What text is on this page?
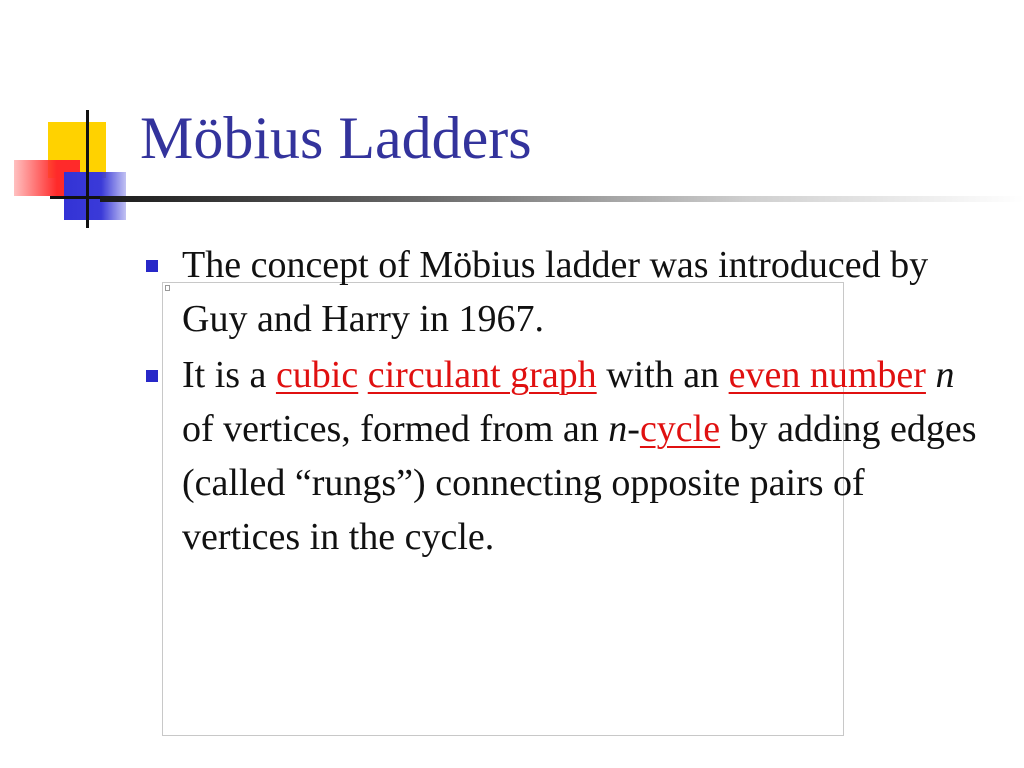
Möbius Ladders
The concept of Möbius ladder was introduced by Guy and Harry in 1967.
It is a cubic circulant graph with an even number n of vertices, formed from an n-cycle by adding edges (called “rungs”) connecting opposite pairs of vertices in the cycle.
